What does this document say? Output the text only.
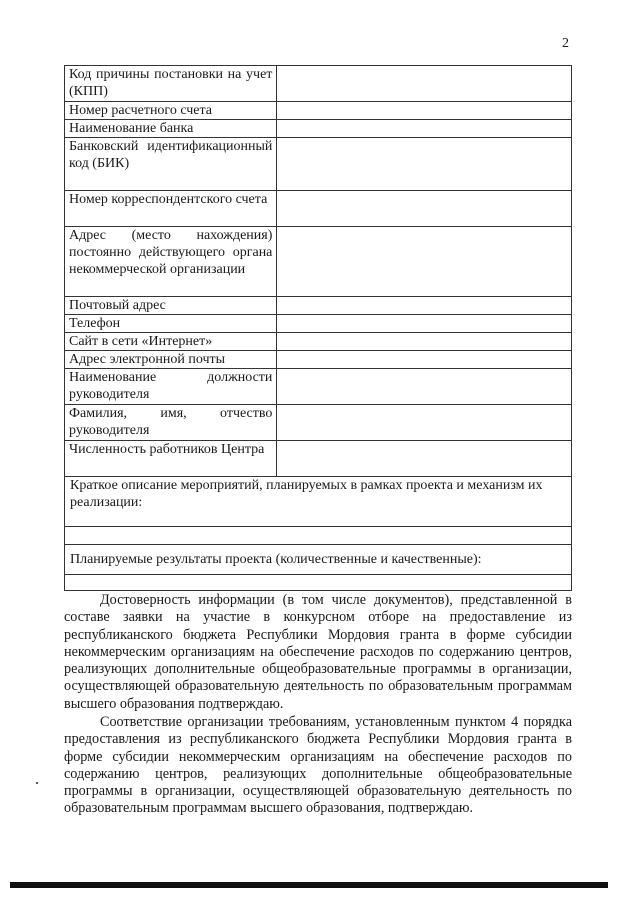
2
Код причины постановки на учет (КПП)	
Номер расчетного счета	
Наименование банка	
Банковский идентификационный код (БИК)	
Номер корреспондентского счета	
Адрес (место нахождения) постоянно действующего органа некоммерческой организации	
Почтовый адрес	
Телефон	
Сайт в сети «Интернет»	
Адрес электронной почты	
Наименование должности руководителя	
Фамилия, имя, отчество руководителя	
Численность работников Центра	
Краткое описание мероприятий, планируемых в рамках проекта и механизм их реализации:	

Планируемые результаты проекта (количественные и качественные):	

Достоверность информации (в том числе документов), представленной в составе заявки на участие в конкурсном отборе на предоставление из республиканского бюджета Республики Мордовия гранта в форме субсидии некоммерческим организациям на обеспечение расходов по содержанию центров, реализующих дополнительные общеобразовательные программы в организации, осуществляющей образовательную деятельность по образовательным программам высшего образования подтверждаю.

Соответствие организации требованиям, установленным пунктом 4 порядка предоставления из республиканского бюджета Республики Мордовия гранта в форме субсидии некоммерческим организациям на обеспечение расходов по содержанию центров, реализующих дополнительные общеобразовательные программы в организации, осуществляющей образовательную деятельность по образовательным программам высшего образования, подтверждаю.
